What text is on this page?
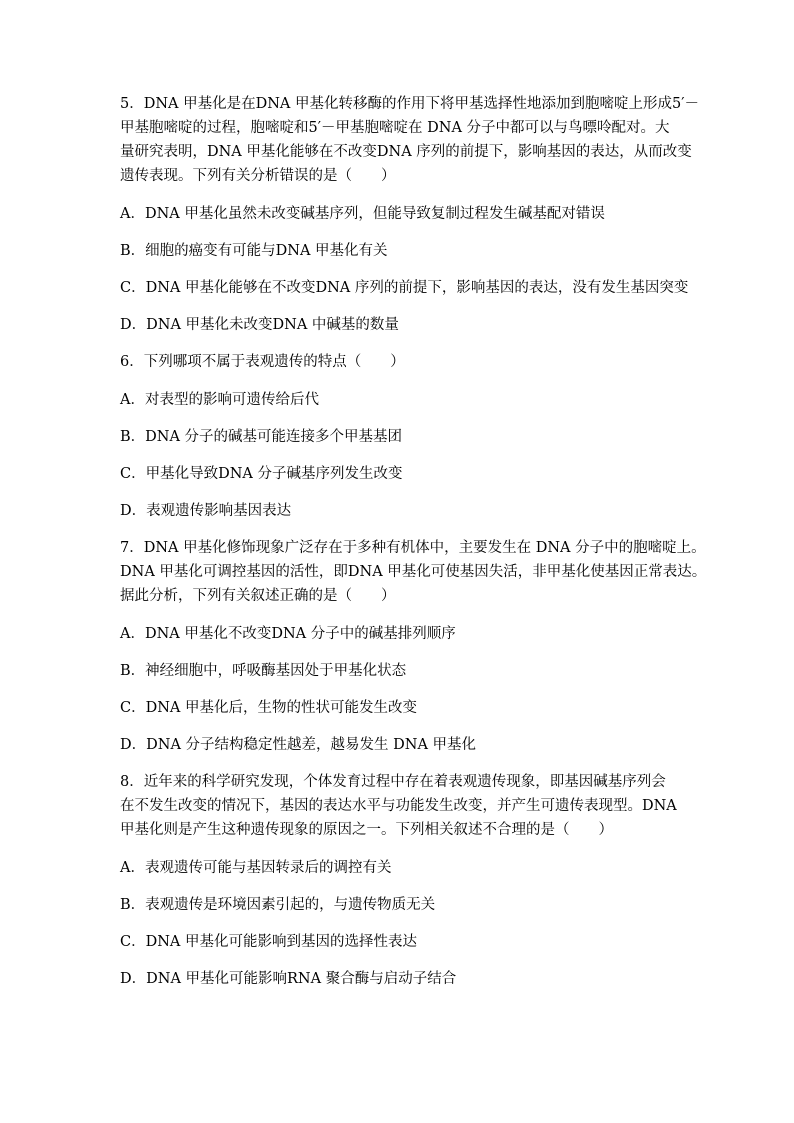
5．DNA 甲基化是在DNA 甲基化转移酶的作用下将甲基选择性地添加到胞嘧啶上形成5′－
甲基胞嘧啶的过程，胞嘧啶和5′－甲基胞嘧啶在 DNA 分子中都可以与鸟嘌呤配对。大
量研究表明，DNA 甲基化能够在不改变DNA 序列的前提下，影响基因的表达，从而改变
遗传表现。下列有关分析错误的是（　　）

A．DNA 甲基化虽然未改变碱基序列，但能导致复制过程发生碱基配对错误

B．细胞的癌变有可能与DNA 甲基化有关

C．DNA 甲基化能够在不改变DNA 序列的前提下，影响基因的表达，没有发生基因突变

D．DNA 甲基化未改变DNA 中碱基的数量

6．下列哪项不属于表观遗传的特点（　　）

A．对表型的影响可遗传给后代

B．DNA 分子的碱基可能连接多个甲基基团

C．甲基化导致DNA 分子碱基序列发生改变

D．表观遗传影响基因表达

7．DNA 甲基化修饰现象广泛存在于多种有机体中，主要发生在 DNA 分子中的胞嘧啶上。
DNA 甲基化可调控基因的活性，即DNA 甲基化可使基因失活，非甲基化使基因正常表达。
据此分析，下列有关叙述正确的是（　　）

A．DNA 甲基化不改变DNA 分子中的碱基排列顺序

B．神经细胞中，呼吸酶基因处于甲基化状态

C．DNA 甲基化后，生物的性状可能发生改变

D．DNA 分子结构稳定性越差，越易发生 DNA 甲基化

8．近年来的科学研究发现，个体发育过程中存在着表观遗传现象，即基因碱基序列会
在不发生改变的情况下，基因的表达水平与功能发生改变，并产生可遗传表现型。DNA
甲基化则是产生这种遗传现象的原因之一。下列相关叙述不合理的是（　　）

A．表观遗传可能与基因转录后的调控有关

B．表观遗传是环境因素引起的，与遗传物质无关

C．DNA 甲基化可能影响到基因的选择性表达

D．DNA 甲基化可能影响RNA 聚合酶与启动子结合
